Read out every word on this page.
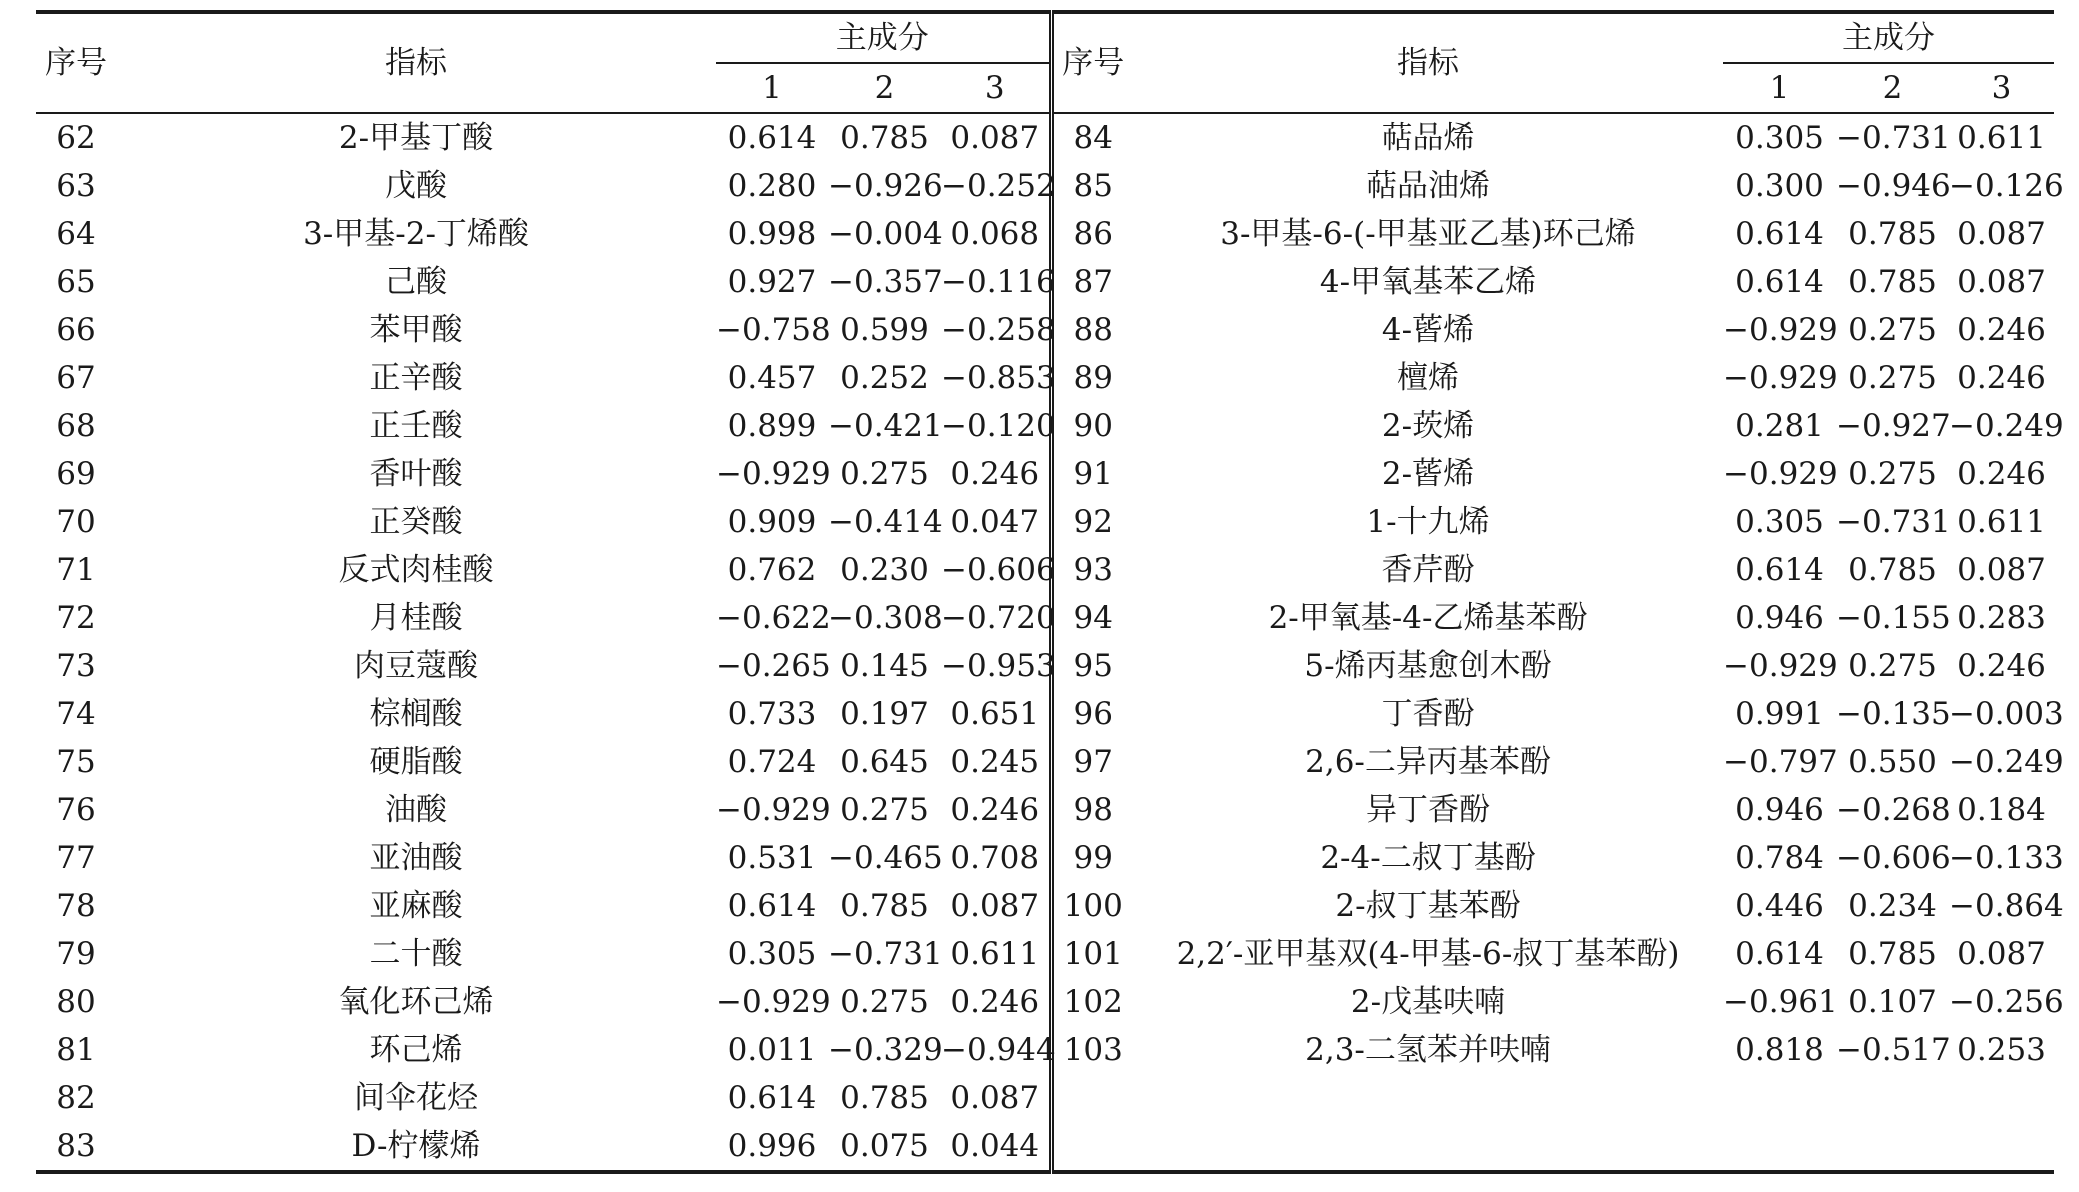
序号	指标	主成分			序号	指标	主成分		
		1	2	3			1	2	3
62	2-甲基丁酸	0.614	0.785	0.087	84	萜品烯	0.305	−0.731	0.611
63	戊酸	0.280	−0.926	−0.252	85	萜品油烯	0.300	−0.946	−0.126
64	3-甲基-2-丁烯酸	0.998	−0.004	0.068	86	3-甲基-6-(-甲基亚乙基)环己烯	0.614	0.785	0.087
65	己酸	0.927	−0.357	−0.116	87	4-甲氧基苯乙烯	0.614	0.785	0.087
66	苯甲酸	−0.758	0.599	−0.258	88	4-蒈烯	−0.929	0.275	0.246
67	正辛酸	0.457	0.252	−0.853	89	檀烯	−0.929	0.275	0.246
68	正壬酸	0.899	−0.421	−0.120	90	2-莰烯	0.281	−0.927	−0.249
69	香叶酸	−0.929	0.275	0.246	91	2-蒈烯	−0.929	0.275	0.246
70	正癸酸	0.909	−0.414	0.047	92	1-十九烯	0.305	−0.731	0.611
71	反式肉桂酸	0.762	0.230	−0.606	93	香芹酚	0.614	0.785	0.087
72	月桂酸	−0.622	−0.308	−0.720	94	2-甲氧基-4-乙烯基苯酚	0.946	−0.155	0.283
73	肉豆蔻酸	−0.265	0.145	−0.953	95	5-烯丙基愈创木酚	−0.929	0.275	0.246
74	棕榈酸	0.733	0.197	0.651	96	丁香酚	0.991	−0.135	−0.003
75	硬脂酸	0.724	0.645	0.245	97	2,6-二异丙基苯酚	−0.797	0.550	−0.249
76	油酸	−0.929	0.275	0.246	98	异丁香酚	0.946	−0.268	0.184
77	亚油酸	0.531	−0.465	0.708	99	2-4-二叔丁基酚	0.784	−0.606	−0.133
78	亚麻酸	0.614	0.785	0.087	100	2-叔丁基苯酚	0.446	0.234	−0.864
79	二十酸	0.305	−0.731	0.611	101	2,2′-亚甲基双(4-甲基-6-叔丁基苯酚)	0.614	0.785	0.087
80	氧化环己烯	−0.929	0.275	0.246	102	2-戊基呋喃	−0.961	0.107	−0.256
81	环己烯	0.011	−0.329	−0.944	103	2,3-二氢苯并呋喃	0.818	−0.517	0.253
82	间伞花烃	0.614	0.785	0.087					
83	D-柠檬烯	0.996	0.075	0.044					
